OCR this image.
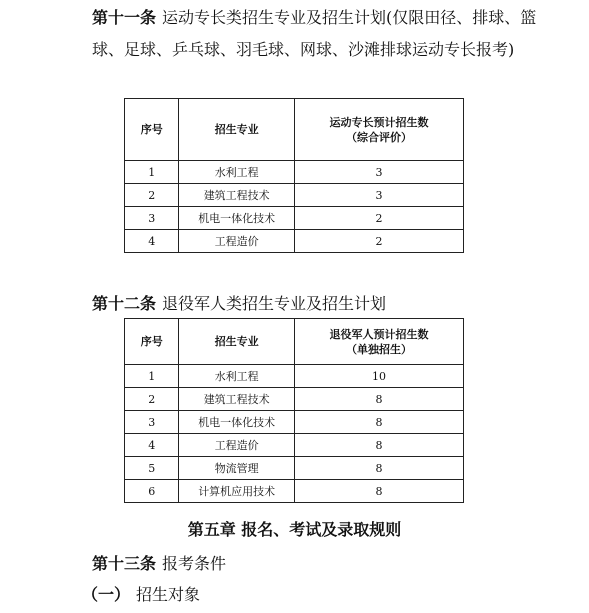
第十一条 运动专长类招生专业及招生计划(仅限田径、排球、篮球、足球、乒乓球、羽毛球、网球、沙滩排球运动专长报考)

序号	招生专业	运动专长预计招生数
（综合评价）

1	水利工程	3
2	建筑工程技术	3
3	机电一体化技术	2
4	工程造价	2
第十二条 退役军人类招生专业及招生计划
序号	招生专业	退役军人预计招生数
（单独招生）

1	水利工程	10
2	建筑工程技术	8
3	机电一体化技术	8
4	工程造价	8
5	物流管理	8
6	计算机应用技术	8
第五章 报名、考试及录取规则
第十三条 报考条件
（一） 招生对象
